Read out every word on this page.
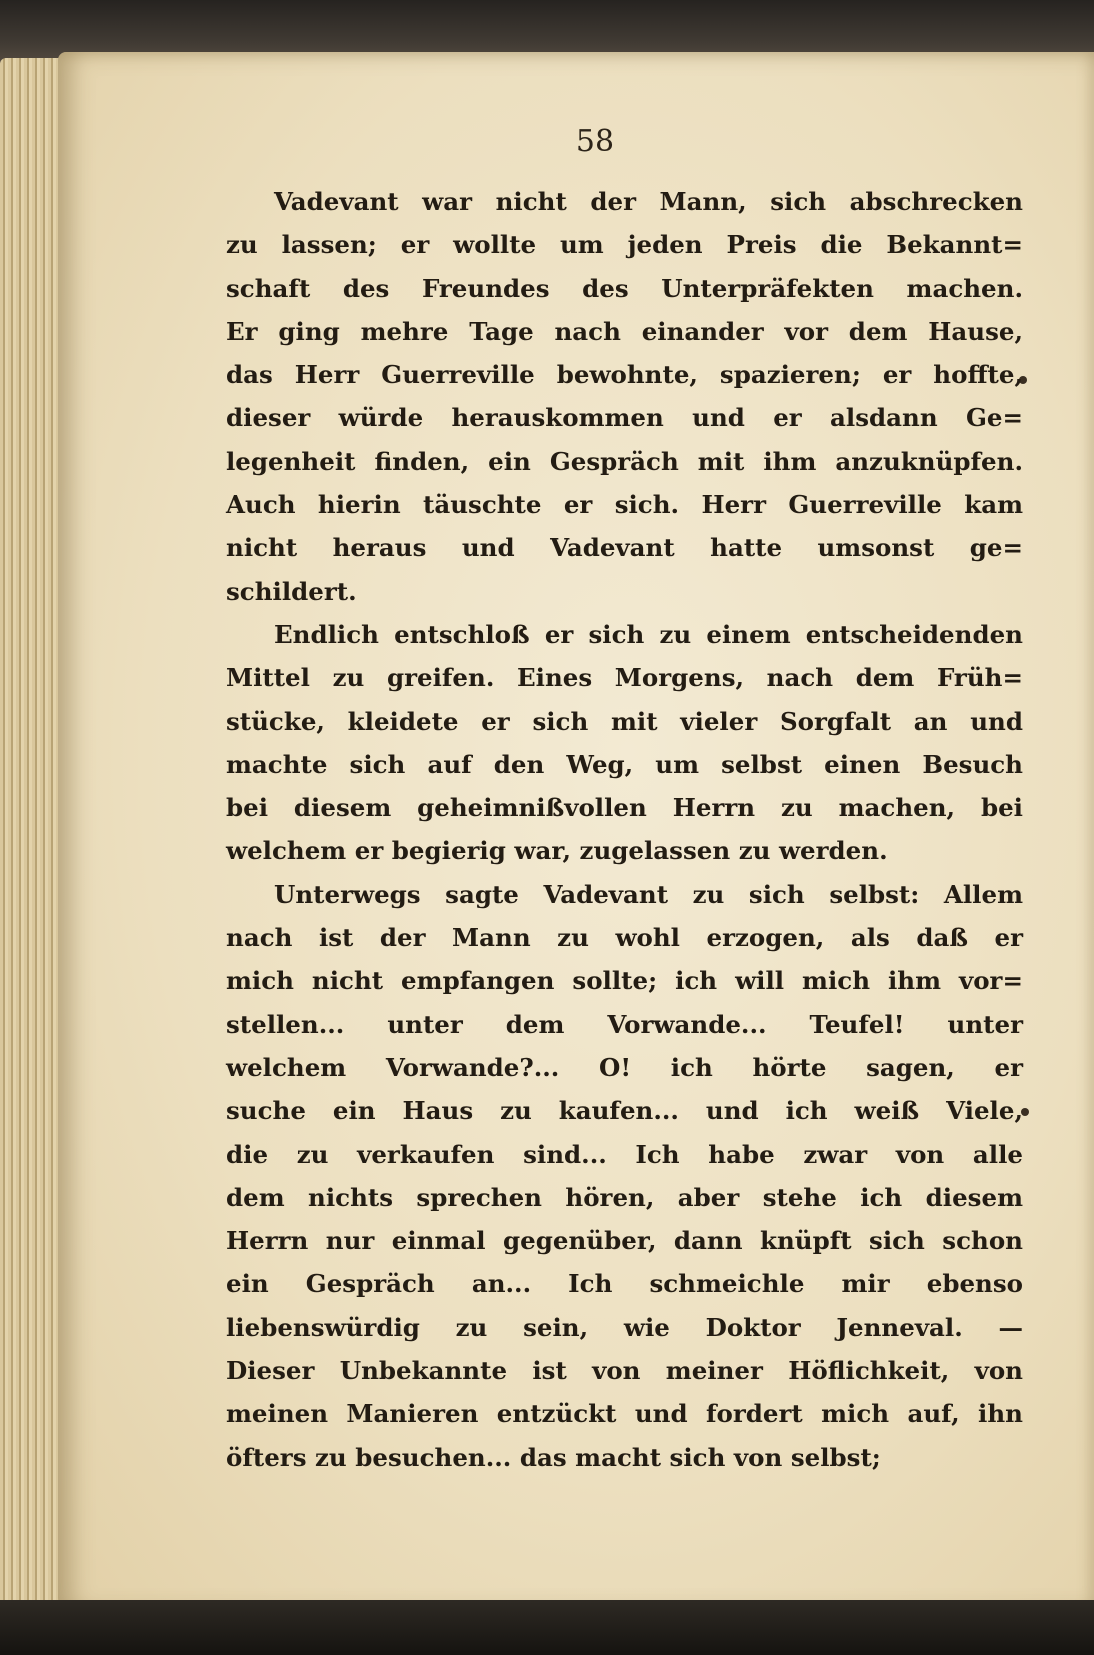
58
Vadevant war nicht der Mann, sich abschrecken
zu lassen; er wollte um jeden Preis die Bekannt=
schaft des Freundes des Unterpräfekten machen.
Er ging mehre Tage nach einander vor dem Hause,
das Herr Guerreville bewohnte, spazieren; er hoffte,
dieser würde herauskommen und er alsdann Ge=
legenheit finden, ein Gespräch mit ihm anzuknüpfen.
Auch hierin täuschte er sich. Herr Guerreville kam
nicht heraus und Vadevant hatte umsonst ge=
schildert.
Endlich entschloß er sich zu einem entscheidenden
Mittel zu greifen. Eines Morgens, nach dem Früh=
stücke, kleidete er sich mit vieler Sorgfalt an und
machte sich auf den Weg, um selbst einen Besuch
bei diesem geheimnißvollen Herrn zu machen, bei
welchem er begierig war, zugelassen zu werden.
Unterwegs sagte Vadevant zu sich selbst: Allem
nach ist der Mann zu wohl erzogen, als daß er
mich nicht empfangen sollte; ich will mich ihm vor=
stellen... unter dem Vorwande... Teufel! unter
welchem Vorwande?... O! ich hörte sagen, er
suche ein Haus zu kaufen... und ich weiß Viele,
die zu verkaufen sind... Ich habe zwar von alle
dem nichts sprechen hören, aber stehe ich diesem
Herrn nur einmal gegenüber, dann knüpft sich schon
ein Gespräch an... Ich schmeichle mir ebenso
liebenswürdig zu sein, wie Doktor Jenneval. —
Dieser Unbekannte ist von meiner Höflichkeit, von
meinen Manieren entzückt und fordert mich auf, ihn
öfters zu besuchen... das macht sich von selbst;
